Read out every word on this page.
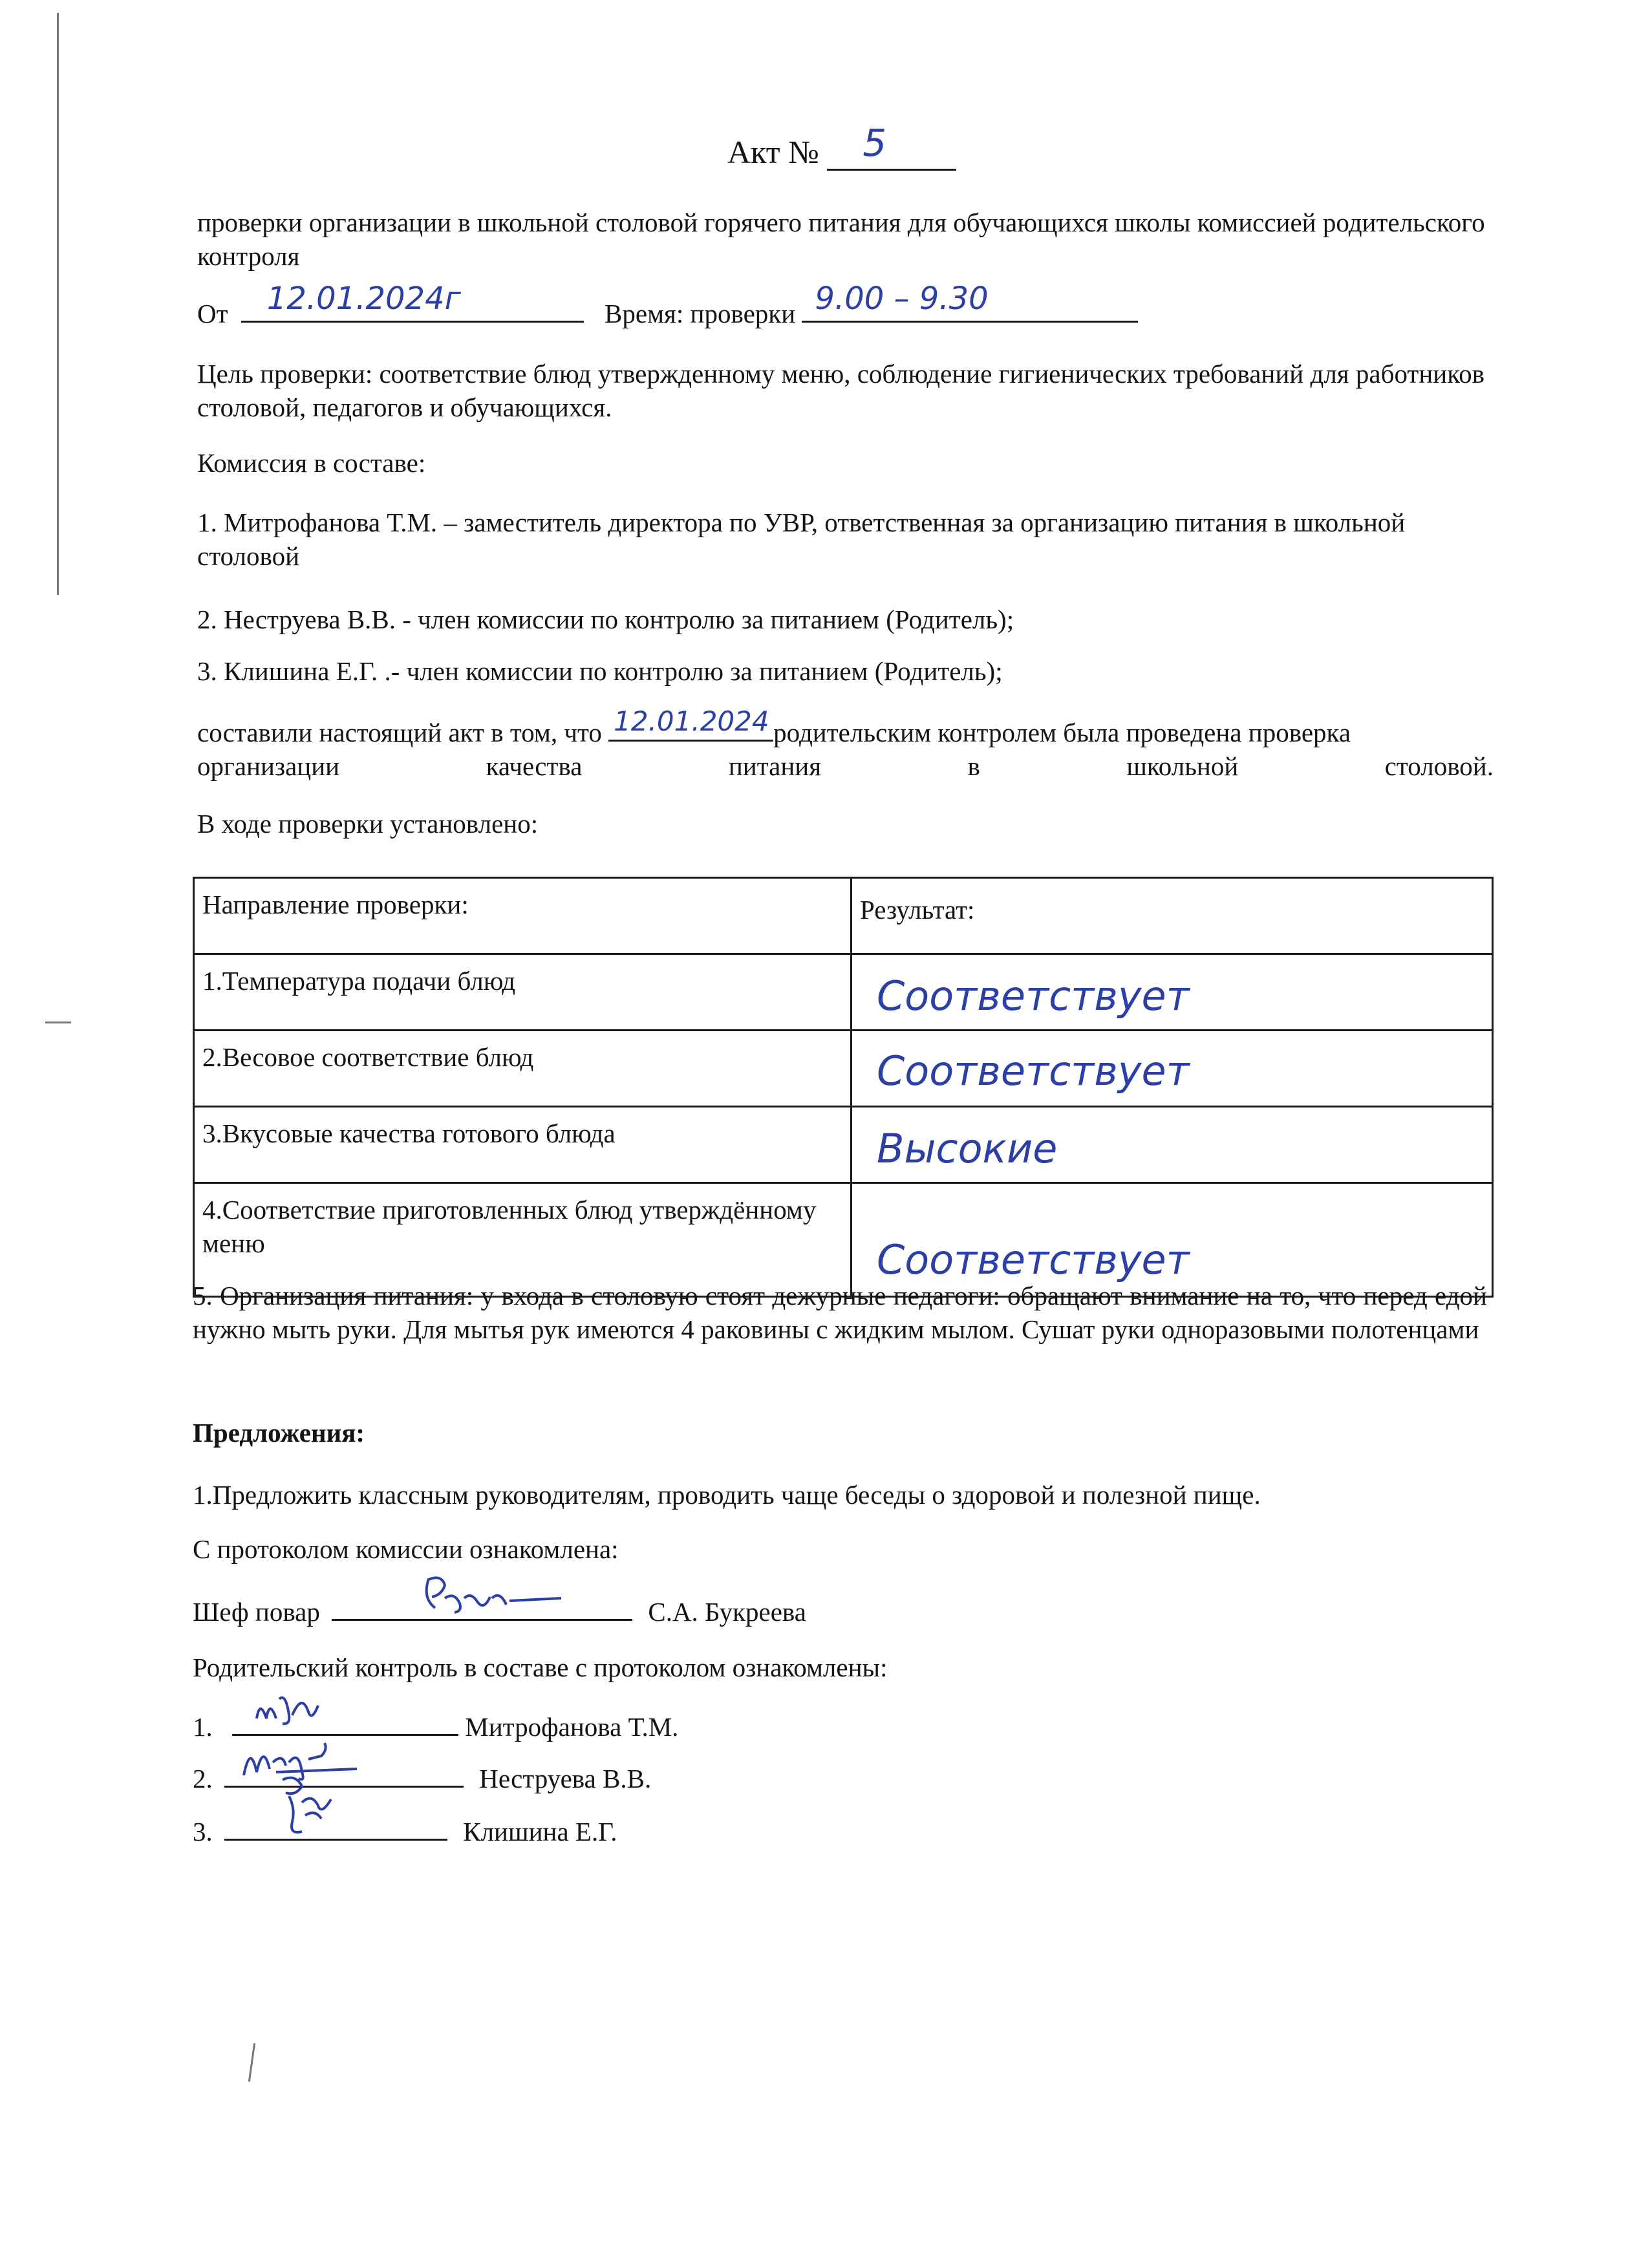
Акт № 5
проверки организации в школьной столовой горячего питания для обучающихся школы комиссией родительского контроля
От 12.01.2024г	Время: проверки 9.00 – 9.30
Цель проверки: соответствие блюд утвержденному меню, соблюдение гигиенических требований для работников столовой, педагогов и обучающихся.
Комиссия в составе:
1. Митрофанова Т.М. – заместитель директора по УВР, ответственная за организацию питания в школьной столовой
2. Неструева В.В. - член комиссии по контролю за питанием (Родитель);
3. Клишина Е.Г. .- член комиссии по контролю за питанием (Родитель);
составили настоящий акт в том, что 12.01.2024 родительским контролем была проведена проверка организации качества питания в школьной столовой.
В ходе проверки установлено:
Направление проверки:	Результат:
1.Температура подачи блюд	Соответствует

2.Весовое соответствие блюд	Соответствует

3.Вкусовые качества готового блюда	Высокие

4.Соответствие приготовленных блюд утверждённому меню	Соответствует
5. Организация питания: у входа в столовую стоят дежурные педагоги: обращают внимание на то, что перед едой нужно мыть руки. Для мытья рук имеются 4 раковины с жидким мылом. Сушат руки одноразовыми полотенцами
Предложения:
1.Предложить классным руководителям, проводить чаще беседы о здоровой и полезной пище.
С протоколом комиссии ознакомлена:
Шеф повар	С.А. Букреева
Родительский контроль в составе с протоколом ознакомлены:
1.	Митрофанова Т.М.
2.	Неструева В.В.
3.	Клишина Е.Г.
